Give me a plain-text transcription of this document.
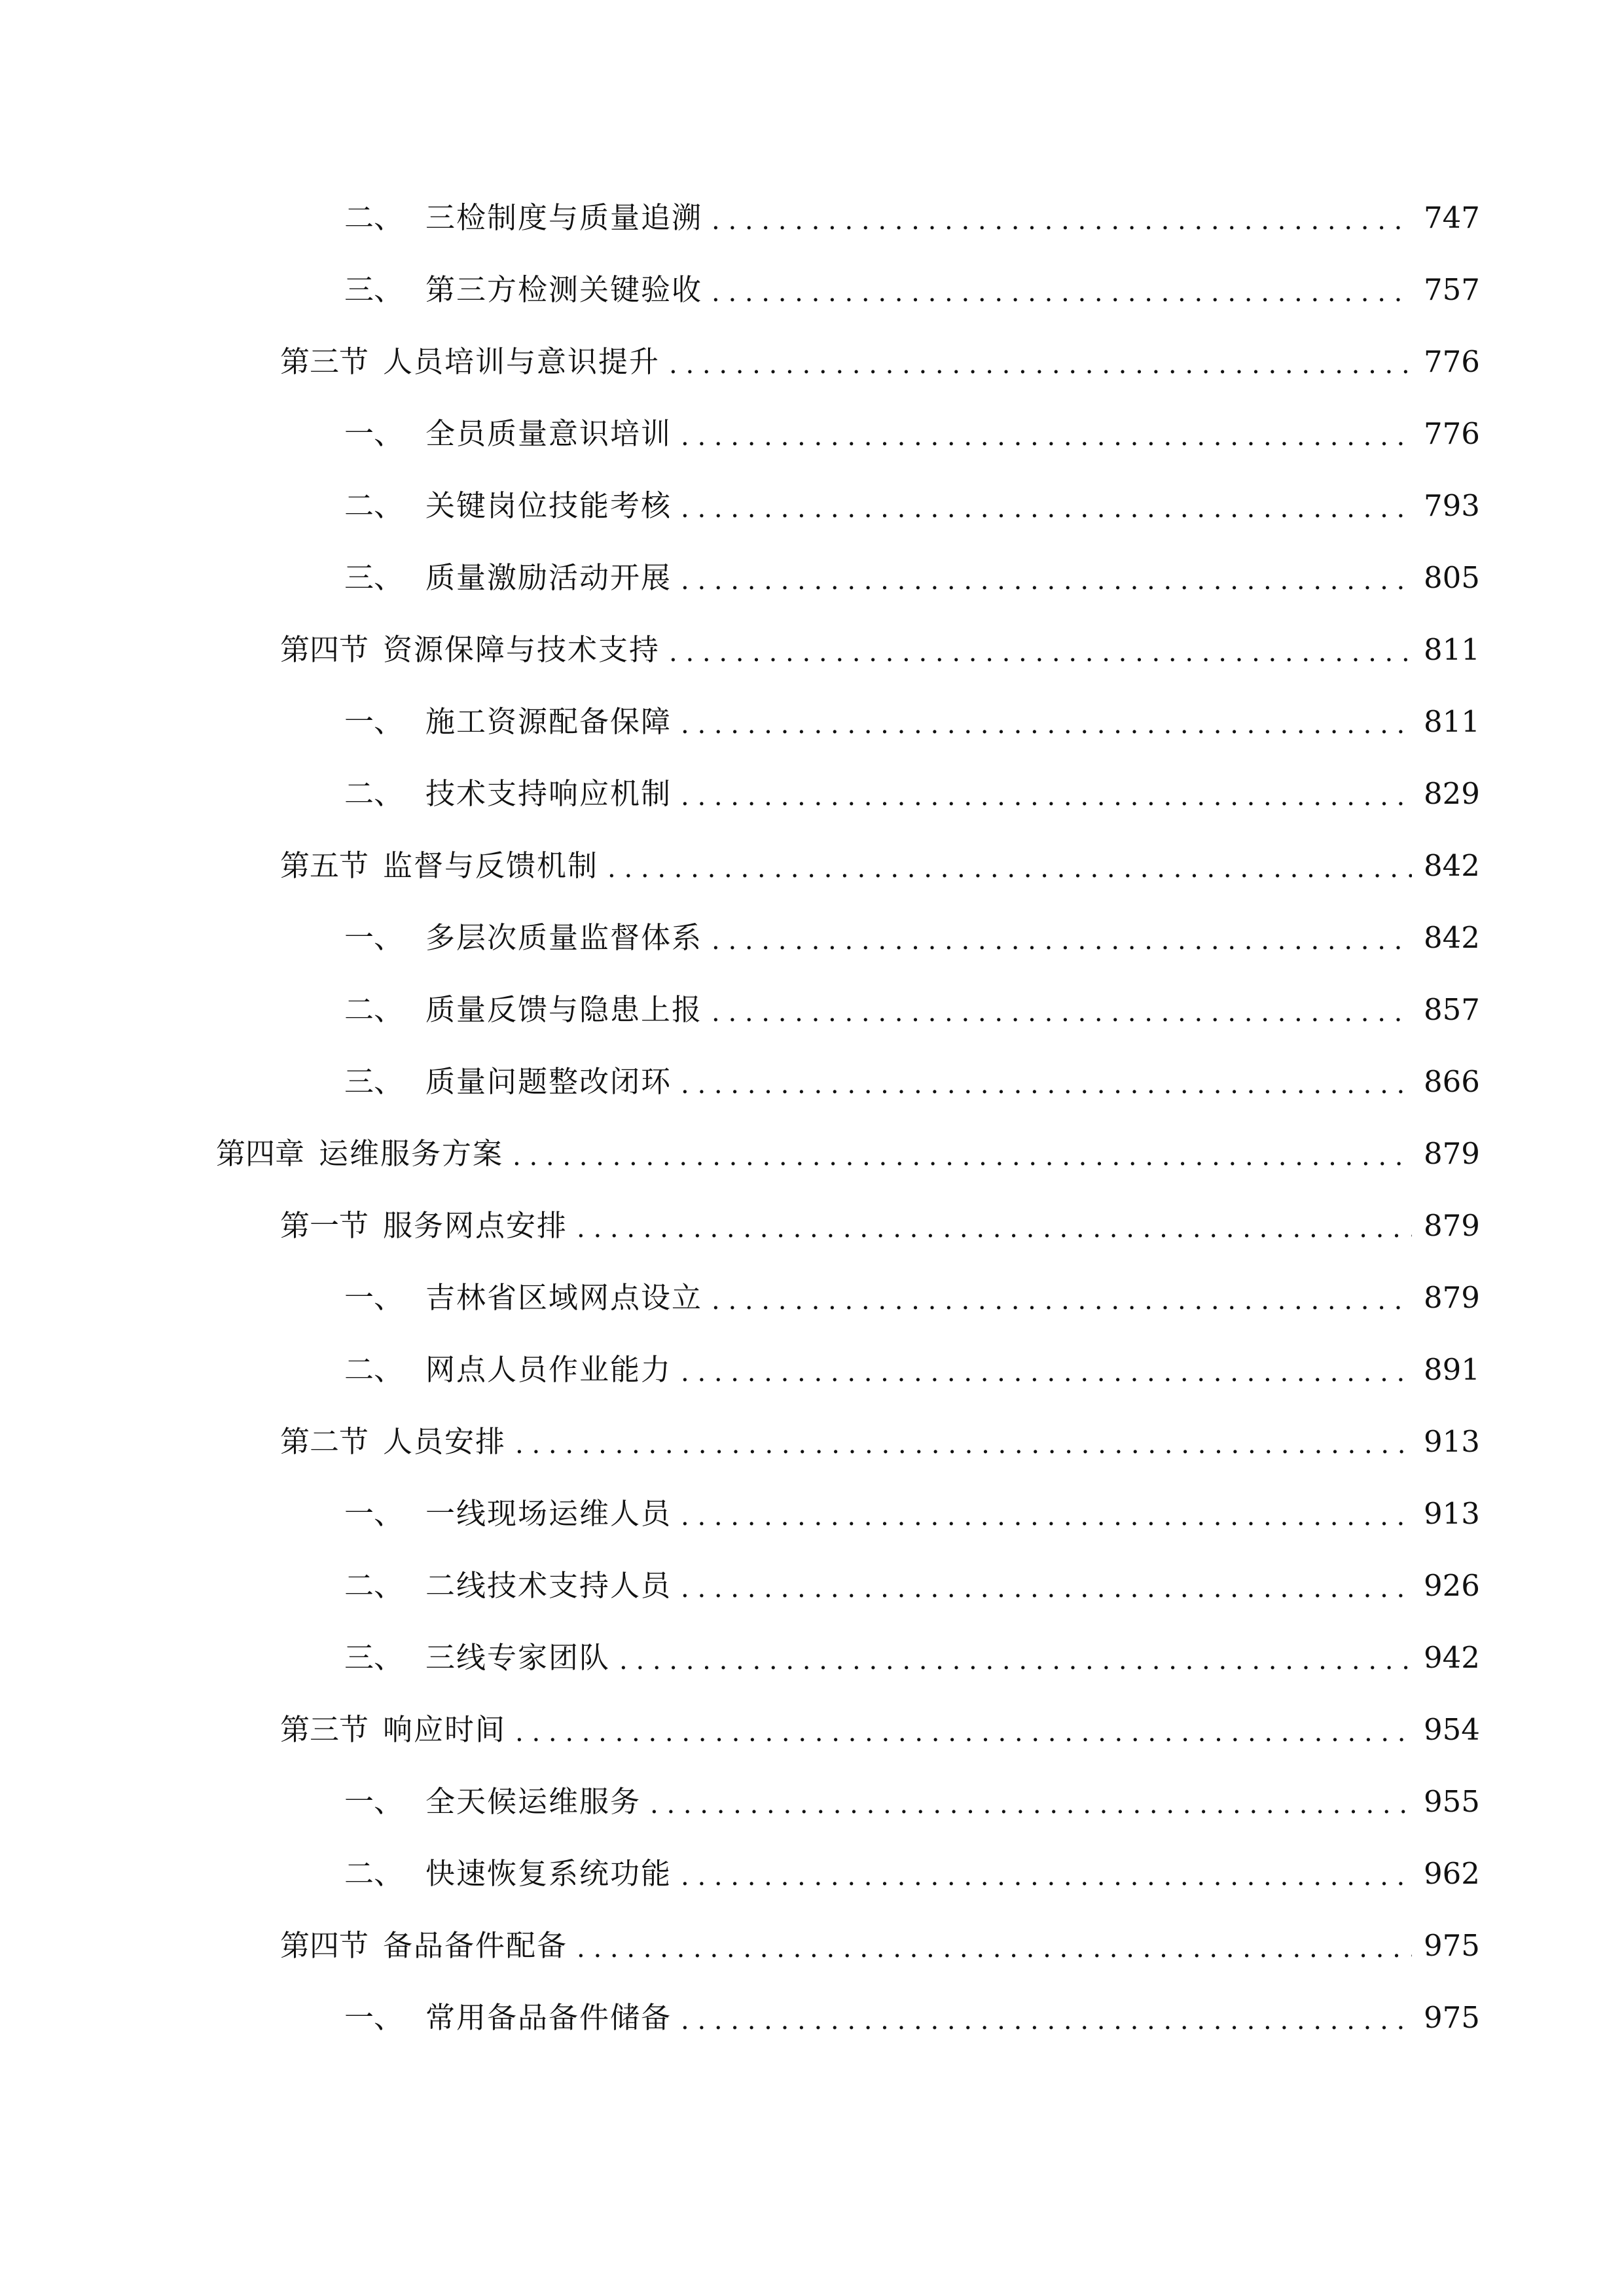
二、 三检制度与质量追溯 . . .	747
三、 第三方检测关键验收 . . .	757
第三节 人员培训与意识提升 . . .	776
一、 全员质量意识培训 . . .	776
二、 关键岗位技能考核 . . .	793
三、 质量激励活动开展 . . .	805
第四节 资源保障与技术支持 . . .	811
一、 施工资源配备保障 . . .	811
二、 技术支持响应机制 . . .	829
第五节 监督与反馈机制 . . .	842
一、 多层次质量监督体系 . . .	842
二、 质量反馈与隐患上报 . . .	857
三、 质量问题整改闭环 . . .	866
第四章 运维服务方案 . . .	879
第一节 服务网点安排 . . .	879
一、 吉林省区域网点设立 . . .	879
二、 网点人员作业能力 . . .	891
第二节 人员安排 . . .	913
一、 一线现场运维人员 . . .	913
二、 二线技术支持人员 . . .	926
三、 三线专家团队 . . .	942
第三节 响应时间 . . .	954
一、 全天候运维服务 . . .	955
二、 快速恢复系统功能 . . .	962
第四节 备品备件配备 . . .	975
一、 常用备品备件储备 . . .	975
